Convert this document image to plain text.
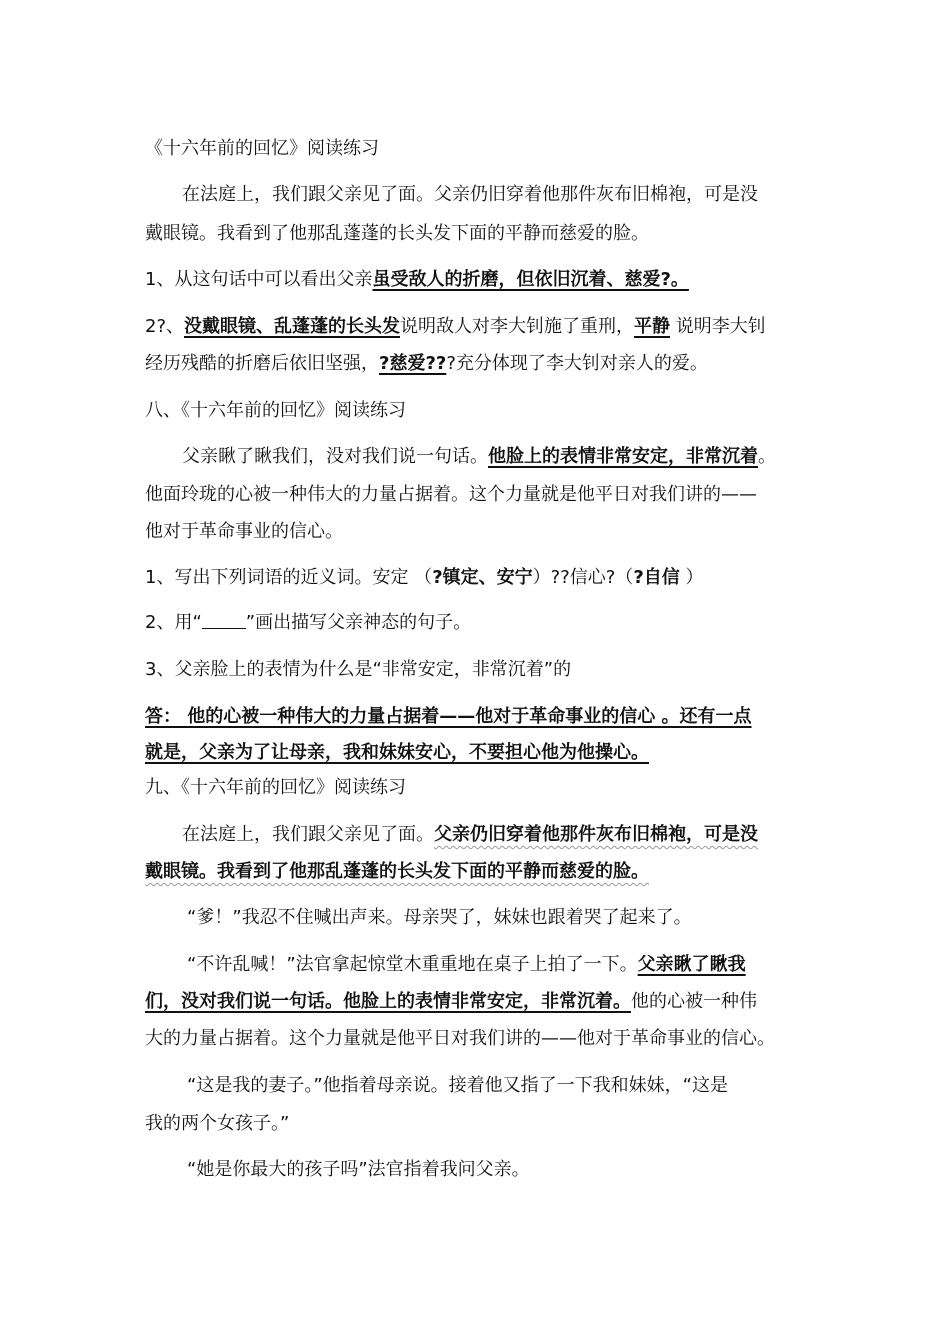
《十六年前的回忆》阅读练习
在法庭上，我们跟父亲见了面。父亲仍旧穿着他那件灰布旧棉袍，可是没
戴眼镜。我看到了他那乱蓬蓬的长头发下面的平静而慈爱的脸。
1、从这句话中可以看出父亲虽受敌人的折磨，但依旧沉着、慈爱?。
2?、没戴眼镜、乱蓬蓬的长头发说明敌人对李大钊施了重刑，平静 说明李大钊
经历残酷的折磨后依旧坚强，?慈爱???充分体现了李大钊对亲人的爱。
八、《十六年前的回忆》阅读练习
父亲瞅了瞅我们，没对我们说一句话。他脸上的表情非常安定，非常沉着。
他面玲珑的心被一种伟大的力量占据着。这个力量就是他平日对我们讲的——
他对于革命事业的信心。
1、写出下列词语的近义词。安定 （?镇定、安宁）??信心?（?自信 ）
2、用“ ”画出描写父亲神态的句子。
3、父亲脸上的表情为什么是“非常安定，非常沉着”的
答： 他的心被一种伟大的力量占据着——他对于革命事业的信心 。还有一点
就是，父亲为了让母亲，我和妹妹安心，不要担心他为他操心。
九、《十六年前的回忆》阅读练习
在法庭上，我们跟父亲见了面。父亲仍旧穿着他那件灰布旧棉袍，可是没
戴眼镜。我看到了他那乱蓬蓬的长头发下面的平静而慈爱的脸。
“爹！”我忍不住喊出声来。母亲哭了，妹妹也跟着哭了起来了。
“不许乱喊！”法官拿起惊堂木重重地在桌子上拍了一下。父亲瞅了瞅我
们，没对我们说一句话。他脸上的表情非常安定，非常沉着。他的心被一种伟
大的力量占据着。这个力量就是他平日对我们讲的——他对于革命事业的信心。
“这是我的妻子。”他指着母亲说。接着他又指了一下我和妹妹，“这是
我的两个女孩子。”
“她是你最大的孩子吗”法官指着我问父亲。
